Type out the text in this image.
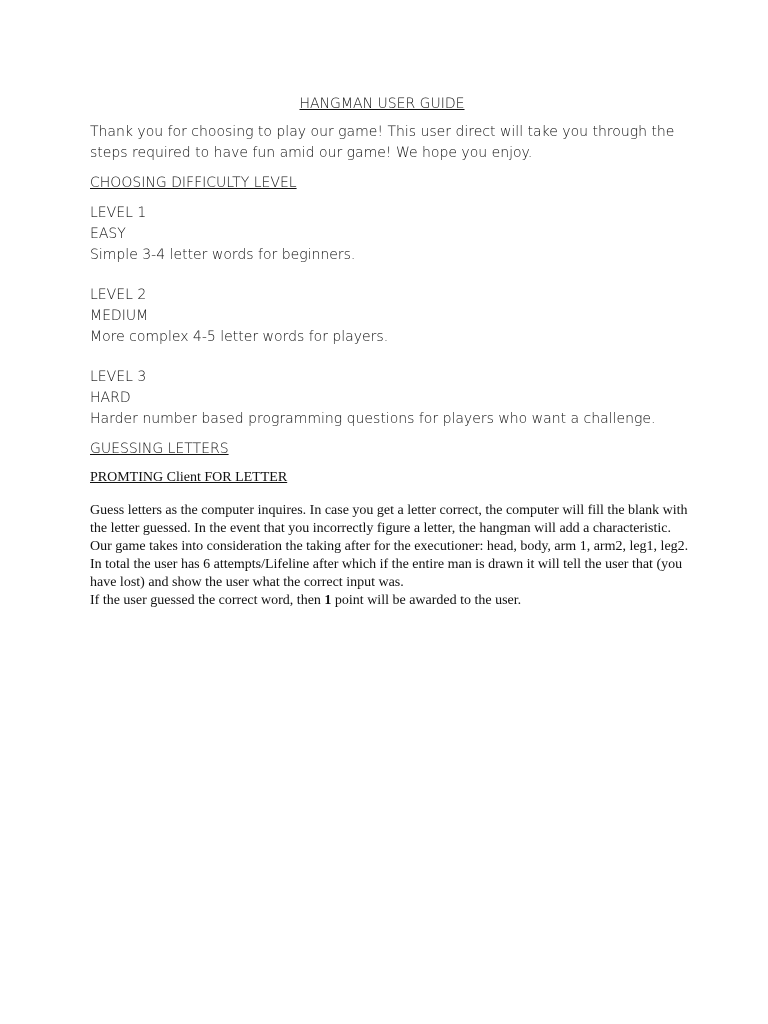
HANGMAN USER GUIDE
Thank you for choosing to play our game! This user direct will take you through the steps required to have fun amid our game! We hope you enjoy.
CHOOSING DIFFICULTY LEVEL
LEVEL 1
EASY
Simple 3-4 letter words for beginners.
LEVEL 2
MEDIUM
More complex 4-5 letter words for players.
LEVEL 3
HARD
Harder number based programming questions for players who want a challenge.
GUESSING LETTERS
PROMTING Client FOR LETTER
Guess letters as the computer inquires. In case you get a letter correct, the computer will fill the blank with the letter guessed. In the event that you incorrectly figure a letter, the hangman will add a characteristic. Our game takes into consideration the taking after for the executioner: head, body, arm 1, arm2, leg1, leg2. In total the user has 6 attempts/Lifeline after which if the entire man is drawn it will tell the user that (you have lost) and show the user what the correct input was.
If the user guessed the correct word, then 1 point will be awarded to the user.
